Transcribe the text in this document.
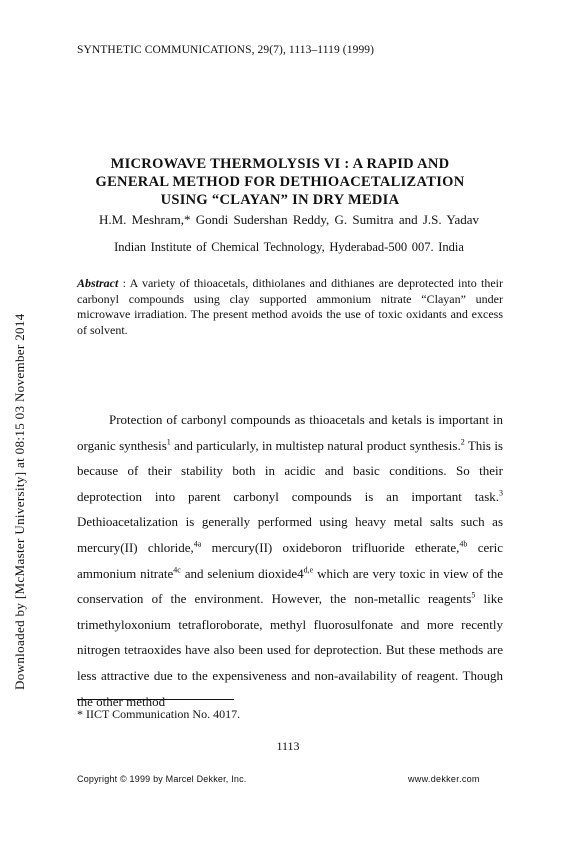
SYNTHETIC COMMUNICATIONS, 29(7), 1113–1119 (1999)
Downloaded by [McMaster University] at 08:15 03 November 2014
MICROWAVE THERMOLYSIS VI : A RAPID AND
GENERAL METHOD FOR DETHIOACETALIZATION
USING “CLAYAN” IN DRY MEDIA
H.M. Meshram,* Gondi Sudershan Reddy, G. Sumitra and J.S. Yadav
Indian Institute of Chemical Technology, Hyderabad-500 007. India
Abstract : A variety of thioacetals, dithiolanes and dithianes are deprotected into their carbonyl compounds using clay supported ammonium nitrate “Clayan” under microwave irradiation. The present method avoids the use of toxic oxidants and excess of solvent.

Protection of carbonyl compounds as thioacetals and ketals is important in organic synthesis$^1$ and particularly, in multistep natural product synthesis.$^2$ This is because of their stability both in acidic and basic conditions. So their deprotection into parent carbonyl compounds is an important task.$^3$ Dethioacetalization is generally performed using heavy metal salts such as mercury(II) chloride,$^{4a}$ mercury(II) oxideboron trifluoride etherate,$^{4b}$ ceric ammonium nitrate$^{4c}$ and selenium dioxide4$^{d,e}$ which are very toxic in view of the conservation of the environment. However, the non-metallic reagents$^5$ like trimethyloxonium tetrafloroborate, methyl fluorosulfonate and more recently nitrogen tetraoxides have also been used for deprotection. But these methods are less attractive due to the expensiveness and non-availability of reagent. Though the other method

* IICT Communication No. 4017.
1113
Copyright © 1999 by Marcel Dekker, Inc.	www.dekker.com
